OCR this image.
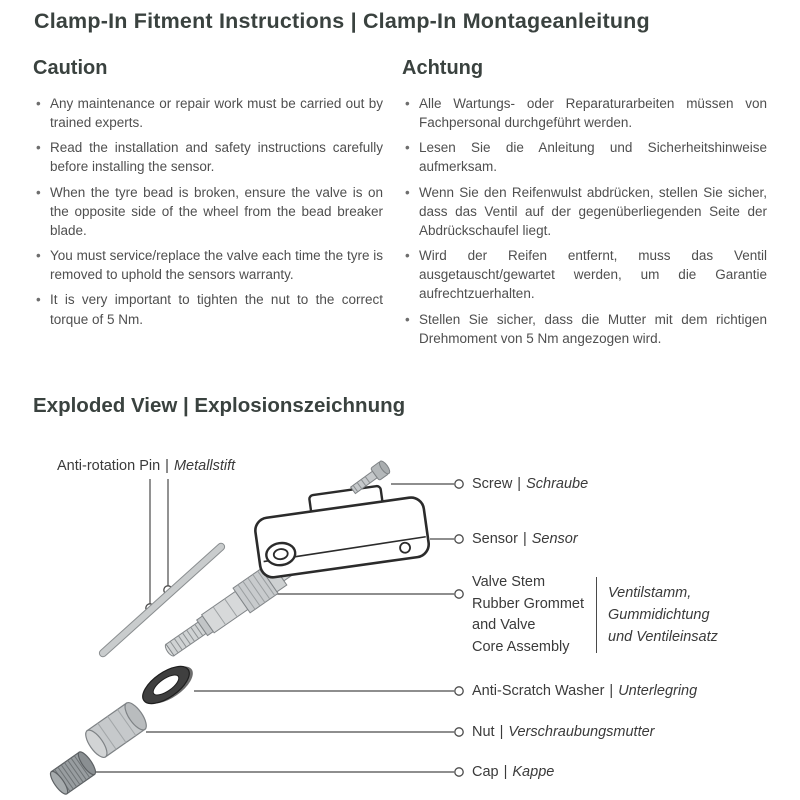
Clamp-In Fitment Instructions | Clamp-In Montageanleitung
Caution
• Any maintenance or repair work must be carried out by trained experts.
• Read the installation and safety instructions carefully before installing the sensor.
• When the tyre bead is broken, ensure the valve is on the opposite side of the wheel from the bead breaker blade.
• You must service/replace the valve each time the tyre is removed to uphold the sensors warranty.
• It is very important to tighten the nut to the correct torque of 5 Nm.
Achtung
• Alle Wartungs- oder Reparaturarbeiten müssen von Fachpersonal durchgeführt werden.
• Lesen Sie die Anleitung und Sicherheitshinweise aufmerksam.
• Wenn Sie den Reifenwulst abdrücken, stellen Sie sicher, dass das Ventil auf der gegenüberliegenden Seite der Abdrückschaufel liegt.
• Wird der Reifen entfernt, muss das Ventil ausgetauscht/gewartet werden, um die Garantie aufrechtzuerhalten.
• Stellen Sie sicher, dass die Mutter mit dem richtigen Drehmoment von 5 Nm angezogen wird.
Exploded View | Explosionszeichnung
Anti-rotation Pin | Metallstift
Screw | Schraube
Sensor | Sensor
Valve Stem
Rubber Grommet
and Valve
Core Assembly
Ventilstamm,
Gummidichtung
und Ventileinsatz
Anti-Scratch Washer | Unterlegring
Nut | Verschraubungsmutter
Cap | Kappe
